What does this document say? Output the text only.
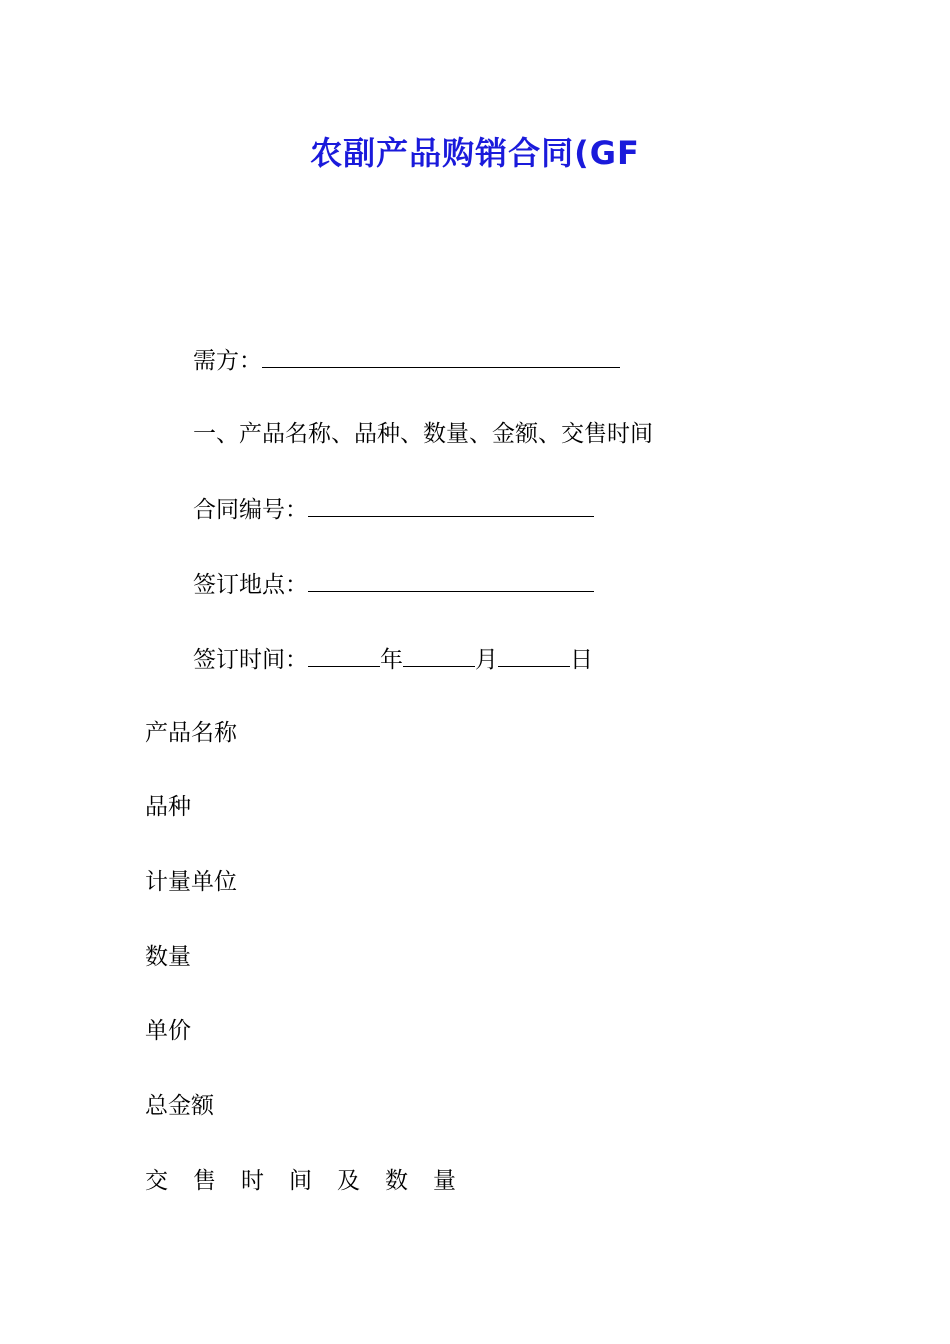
农副产品购销合同(GF
需方：
一、产品名称、品种、数量、金额、交售时间
合同编号：
签订地点：
签订时间：	年	月	日
产品名称
品种
计量单位
数量
单价
总金额
交 售 时 间 及 数 量
